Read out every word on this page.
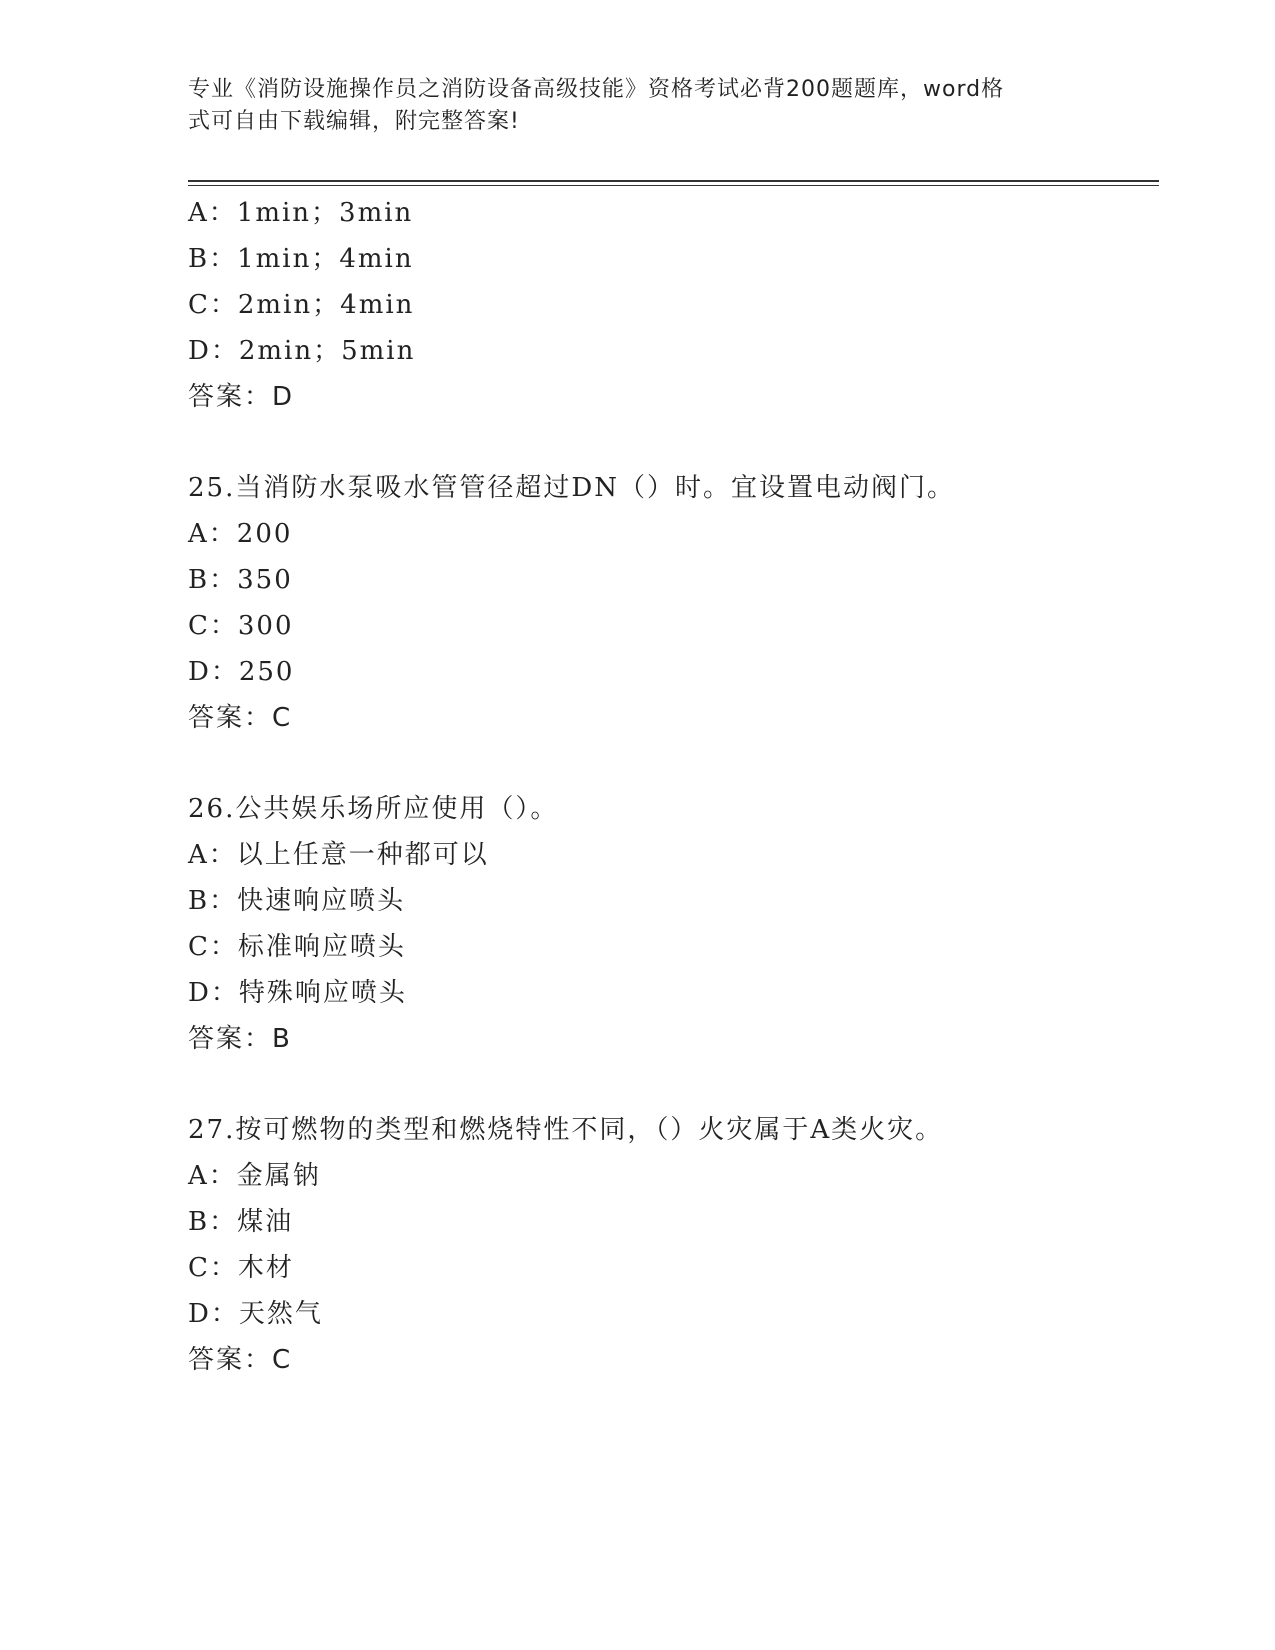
专业《消防设施操作员之消防设备高级技能》资格考试必背200题题库，word格
式可自由下载编辑，附完整答案!
A：1min；3min
B：1min；4min
C：2min；4min
D：2min；5min
答案：D
25.当消防水泵吸水管管径超过DN（）时。宜设置电动阀门。
A：200
B：350
C：300
D：250
答案：C
26.公共娱乐场所应使用（）。
A：以上任意一种都可以
B：快速响应喷头
C：标准响应喷头
D：特殊响应喷头
答案：B
27.按可燃物的类型和燃烧特性不同，（）火灾属于A类火灾。
A：金属钠
B：煤油
C：木材
D：天然气
答案：C
